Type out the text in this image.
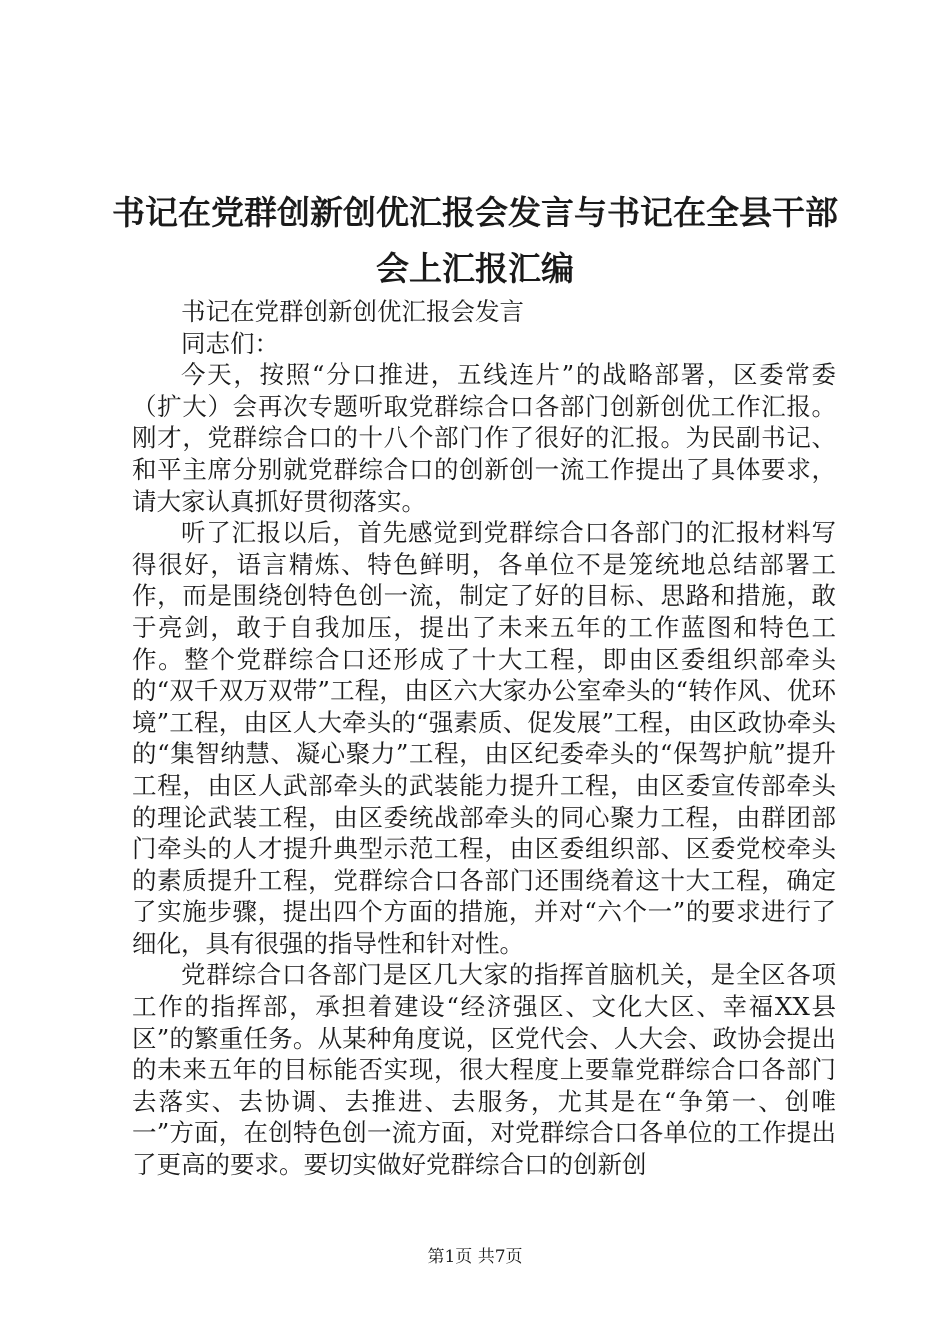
书记在党群创新创优汇报会发言与书记在全县干部会上汇报汇编

书记在党群创新创优汇报会发言

同志们：

今天，按照“分口推进，五线连片”的战略部署，区委常委（扩大）会再次专题听取党群综合口各部门创新创优工作汇报。刚才，党群综合口的十八个部门作了很好的汇报。为民副书记、和平主席分别就党群综合口的创新创一流工作提出了具体要求，请大家认真抓好贯彻落实。

听了汇报以后，首先感觉到党群综合口各部门的汇报材料写得很好，语言精炼、特色鲜明，各单位不是笼统地总结部署工作，而是围绕创特色创一流，制定了好的目标、思路和措施，敢于亮剑，敢于自我加压，提出了未来五年的工作蓝图和特色工作。整个党群综合口还形成了十大工程，即由区委组织部牵头的“双千双万双带”工程，由区六大家办公室牵头的“转作风、优环境”工程，由区人大牵头的“强素质、促发展”工程，由区政协牵头的“集智纳慧、凝心聚力”工程，由区纪委牵头的“保驾护航”提升工程，由区人武部牵头的武装能力提升工程，由区委宣传部牵头的理论武装工程，由区委统战部牵头的同心聚力工程，由群团部门牵头的人才提升典型示范工程，由区委组织部、区委党校牵头的素质提升工程，党群综合口各部门还围绕着这十大工程，确定了实施步骤，提出四个方面的措施，并对“六个一”的要求进行了细化，具有很强的指导性和针对性。

党群综合口各部门是区几大家的指挥首脑机关，是全区各项工作的指挥部，承担着建设“经济强区、文化大区、幸福XX县区”的繁重任务。从某种角度说，区党代会、人大会、政协会提出的未来五年的目标能否实现，很大程度上要靠党群综合口各部门去落实、去协调、去推进、去服务，尤其是在“争第一、创唯一”方面，在创特色创一流方面，对党群综合口各单位的工作提出了更高的要求。要切实做好党群综合口的创新创

第1页 共7页
